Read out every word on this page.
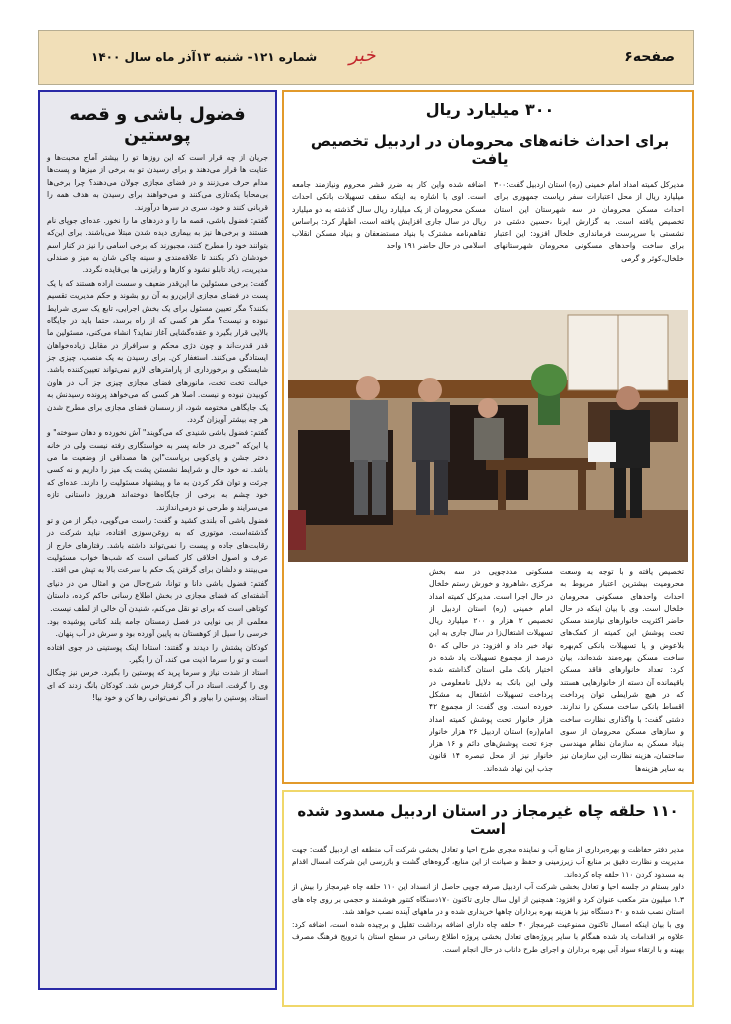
صفحه۶
خبر
شماره ۱۲۱- شنبه ۱۳آذر ماه سال ۱۴۰۰
فضول باشی و قصه پوستین

جریان از چه قرار است که این روزها تو را بیشتر آماج محبت‌ها و عنایت ها قرار می‌دهند و برای رسیدن تو به برخی از میزها و پست‌ها مدام حرف می‌زنند و در فضای مجازی جولان می‌دهند؟ چرا برخی‌ها بی‌محابا یکه‌تازی می‌کنند و می‌خواهند برای رسیدن به هدف همه را قربانی کنند و خود، سری در سرها درآورند.

گفتم: فضول باشی، قصه ما را و دردهای ما را نخور. عده‌ای جوپای نام هستند و برخی‌ها نیز به بیماری دیده شدن مبتلا می‌باشند. برای این‌که بتوانند خود را مطرح کنند، مجبورند که برخی اسامی را نیز در کنار اسم خودشان ذکر بکنند تا علاقه‌مندی و سینه چاکی شان به میز و صندلی مدیریت، زیاد تابلو نشود و کارها و رایزنی ها بی‌فایده نگردد.

گفت: برخی مسئولین ما این‌قدر ضعیف و سست اراده هستند که با یک پست در فضای مجازی ازاین‌رو به آن رو بشوند و حکم مدیریت تقسیم بکنند؟ مگر تعیین مسئول برای یک بخش اجرایی، تابع یک سری شرایط نبوده و نیست؟ مگر هر کسی که از راه برسد، حتما باید در جایگاه بالایی قرار بگیرد و عقده‌گشایی آغاز نماید؟ انشاء می‌کنی، مسئولین ما قدر قدرت‌اند و چون دژی محکم و سرافراز در مقابل زیاده‌خواهان ایستادگی می‌کنند. استغفار کن. برای رسیدن به یک منصب، چیزی جز شایستگی و برخورداری از پارامترهای لازم نمی‌تواند تعیین‌کننده باشد. خیالت تخت تخت، مانورهای فضای مجازی چیزی جز آب در هاون کوبیدن نبوده و نیست. اصلا هر کسی که می‌خواهد پرونده رسیدنش به یک جایگاهی مختومه شود، از رسسان فضای مجازی برای مطرح شدن هر چه بیشتر آویزان گردد.

گفتم: فضول باشی شنیدی که می‌گویند" آش نخورده و دهان سوخته" و یا این‌که "خبری در خانه پسر به خواستگاری رفته نیست ولی در خانه دختر جشن و پای‌کوبی برپاست"این ها مصداقی از وضعیت ما می باشد. نه خود حال و شرایط نشستن پشت یک میز را داریم و نه کسی جرئت و توان فکر کردن به ما و پیشنهاد مسئولیت را دارند. عده‌ای که خود چشم به برخی از جایگاه‌ها دوخته‌اند هرروز داستانی تازه می‌سرایند و طرحی نو درمی‌اندازند.

فضول باشی آه بلندی کشید و گفت: راست می‌گویی، دیگر از من و تو گذشته‌است. موتوری که به روغن‌سوزی افتاده، نباید شرکت در رقابت‌های جاده و پیست را نمی‌تواند داشته باشد. رفتارهای خارج از عرف و اصول اخلاقی کار کسانی است که شب‌ها خواب مسئولیت می‌بینند و دلشان برای گرفتن یک حکم با سرعت بالا به تپش می افتد.

گفتم: فضول باشی دانا و توانا، شرح‌حال من و امثال من در دنیای آشفته‌ای که فضای مجازی در بخش اطلاع رسانی حاکم کرده، داستان کوتاهی است که برای تو نقل می‌کنم، شنیدن آن خالی از لطف نیست.

معلمی از بی نوایی در فصل زمستان جامه بلند کتانی پوشیده بود. خرسی را سیل از کوهستان به پایین آورده بود و سرش در آب پنهان.

کودکان پشتش را دیدند و گفتند: استادا اینک پوستینی در جوی افتاده است و تو را سرما اذیت می کند، آن را بگیر.

استاد از شدت نیاز و سرما پرید که پوستین را بگیرد. خرس نیز چنگال وی را گرفت. استاد در آب گرفتار خرس شد. کودکان بانگ زدند که ای استاد، پوستین را بیاور و اگر نمی‌توانی رها کن و خود بیا!

۳۰۰ میلیارد ریال
برای احداث خانه‌های محرومان در اردبیل تخصیص یافت

مدیرکل کمیته امداد امام خمینی (ره) استان اردبیل گفت:۳۰۰ میلیارد ریال از محل اعتبارات سفر ریاست جمهوری برای احداث مسکن محرومان در سه شهرستان این استان تخصیص یافته است. به گزارش ایرنا ،حسین دشتی در نشستی با سرپرست فرمانداری خلخال افزود: این اعتبار برای ساخت واحدهای مسکونی محرومان شهرستانهای خلخال،کوثر و گرمی

اضافه شده واین کار به ضرر قشر محروم ونیازمند جامعه است. اوی با اشاره به اینکه سقف تسهیلات بانکی احداث مسکن محرومان از یک میلیارد ریال سال گذشته به دو میلیارد ریال در سال جاری افزایش یافته است، اظهار کرد: براساس تفاهم‌نامه مشترک با بنیاد مستضعفان و بنیاد مسکن انقلاب اسلامی در حال حاضر ۱۹۱ واحد

تخصیص یافته و با توجه به وسعت محرومیت بیشترین اعتبار مربوط به احداث واحدهای مسکونی محرومان خلخال است. وی با بیان اینکه در حال حاضر اکثریت خانوارهای نیازمند مسکن تحت پوشش این کمیته از کمک‌های بلاعوض و یا تسهیلات بانکی کم‌بهره ساخت مسکن بهره‌مند شده‌اند، بیان کرد: تعداد خانوارهای فاقد مسکن باقیمانده آن دسته از خانوارهایی هستند که در هیچ شرایطی توان پرداخت اقساط بانکی ساخت مسکن را ندارند. دشتی گفت: با واگذاری نظارت ساخت و سازهای مسکن محرومان از سوی بنیاد مسکن به سازمان نظام مهندسی ساختمان، هزینه نظارت این سازمان نیز به سایر هزینه‌ها

مسکونی مددجویی در سه بخش مرکزی ،شاهرود و خورش رستم خلخال در حال اجرا است. مدیرکل کمیته امداد امام خمینی (ره) استان اردبیل از تخصیص ۲ هزار و ۲۰۰ میلیارد ریال تسهیلات اشتغال‌زا در سال جاری به این نهاد خبر داد و افزود: در حالی که ۵۰ درصد از مجموع تسهیلات یاد شده در اختیار بانک ملی استان گذاشته شده ولی این بانک به دلایل نامعلومی در پرداخت تسهیلات اشتغال به مشکل خورده است. وی گفت: از مجموع ۴۲ هزار خانوار تحت پوشش کمیته امداد امام(ره) استان اردبیل ۲۶ هزار خانوار جزء تحت پوشش‌های دائم و ۱۶ هزار خانوار نیز از محل تبصره ۱۴ قانون جذب این نهاد شده‌اند.

۱۱۰ حلقه چاه غیرمجاز در استان اردبیل مسدود شده است

مدیر دفتر حفاظت و بهره‌برداری از منابع آب و نماینده مجری طرح احیا و تعادل بخشی شرکت آب منطقه ای اردبیل گفت: جهت مدیریت و نظارت دقیق بر منابع آب زیرزمینی و حفظ و صیانت از این منابع، گروه‌های گشت و بازرسی این شرکت امسال اقدام به مسدود کردن ۱۱۰ حلقه چاه کرده‌اند.

داور بستام در جلسه احیا و تعادل بخشی شرکت آب اردبیل صرفه جویی حاصل از انسداد این ۱۱۰ حلقه چاه غیرمجاز را بیش از ۱.۳ میلیون متر مکعب عنوان کرد و افزود: همچنین از اول سال جاری تاکنون ۱۷۰دستگاه کنتور هوشمند و حجمی بر روی چاه های استان نصب شده و ۳۰ دستگاه نیز با هزینه بهره برداران چاهها خریداری شده و در ماههای آینده نصب خواهد شد.

وی با بیان اینکه امسال تاکنون ممنوعیت غیرمجاز ۴۰ حلقه چاه دارای اضافه برداشت تقلیل و برچیده شده است، اضافه کرد: علاوه بر اقدامات یاد شده همگام با سایر پروژه‌های تعادل بخشی پروژه اطلاع رسانی در سطح استان با ترویج فرهنگ مصرف بهینه و با ارتقاء سواد آبی بهره برداران و اجرای طرح داناب در حال انجام است.
